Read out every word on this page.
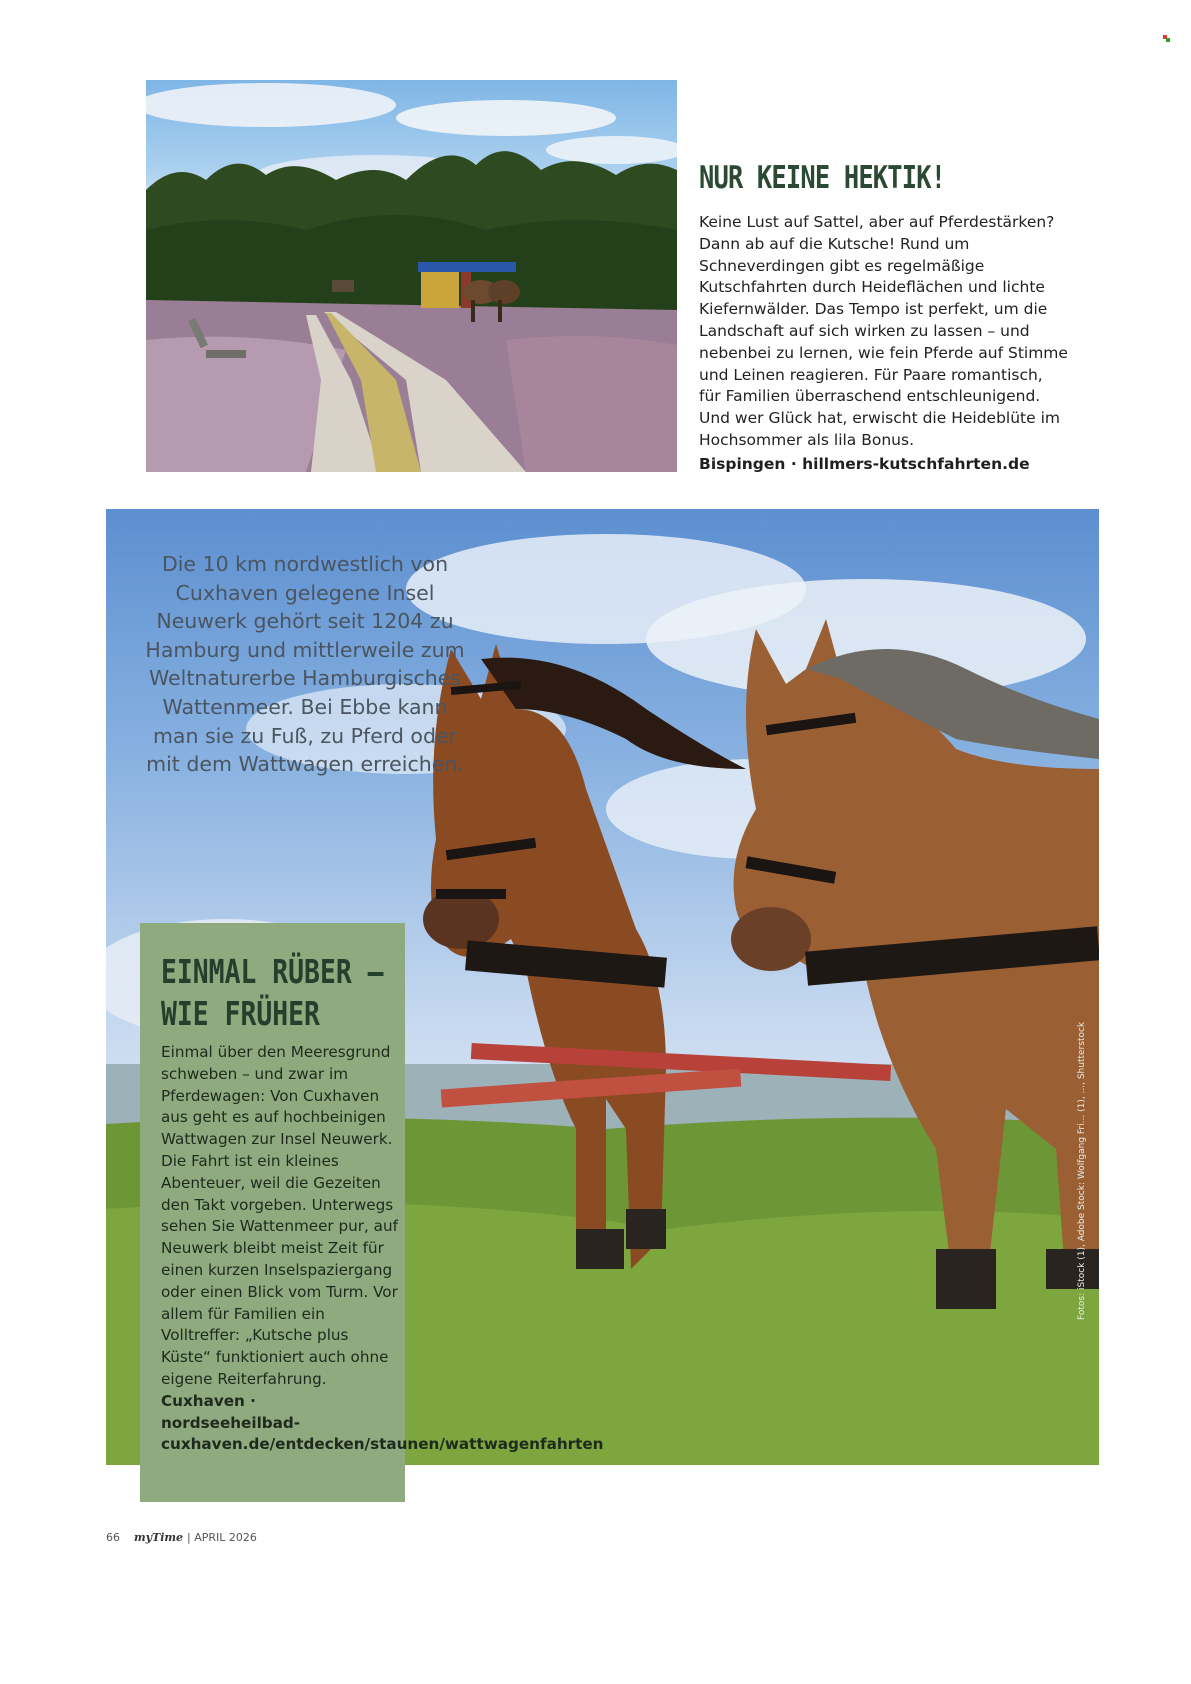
NUR KEINE HEKTIK!

Keine Lust auf Sattel, aber auf Pferdestärken? Dann ab auf die Kutsche! Rund um Schneverdingen gibt es regelmäßige Kutschfahrten durch Heideflächen und lichte Kiefernwälder. Das Tempo ist perfekt, um die Landschaft auf sich wirken zu lassen – und nebenbei zu lernen, wie fein Pferde auf Stimme und Leinen reagieren. Für Paare romantisch, für Familien überraschend entschleunigend. Und wer Glück hat, erwischt die Heideblüte im Hochsommer als lila Bonus.

Bispingen · hillmers-kutschfahrten.de

Die 10 km nordwestlich von Cuxhaven gelegene Insel Neuwerk gehört seit 1204 zu Hamburg und mittlerweile zum Weltnaturerbe Hamburgisches Wattenmeer. Bei Ebbe kann man sie zu Fuß, zu Pferd oder mit dem Wattwagen erreichen.

Fotos: iStock (1), Adobe Stock: Wolfgang Fri... (1), ..., Shutterstock
EINMAL RÜBER –
WIE FRÜHER

Einmal über den Meeresgrund schweben – und zwar im Pferdewagen: Von Cuxhaven aus geht es auf hochbeinigen Wattwagen zur Insel Neuwerk. Die Fahrt ist ein kleines Abenteuer, weil die Gezeiten den Takt vorgeben. Unterwegs sehen Sie Wattenmeer pur, auf Neuwerk bleibt meist Zeit für einen kurzen Inselspaziergang oder einen Blick vom Turm. Vor allem für Familien ein Volltreffer: „Kutsche plus Küste“ funktioniert auch ohne eigene Reiterfahrung. Cuxhaven · nordseeheilbad-cuxhaven.de/entdecken/staunen/wattwagenfahrten

66 myTime | APRIL 2026
